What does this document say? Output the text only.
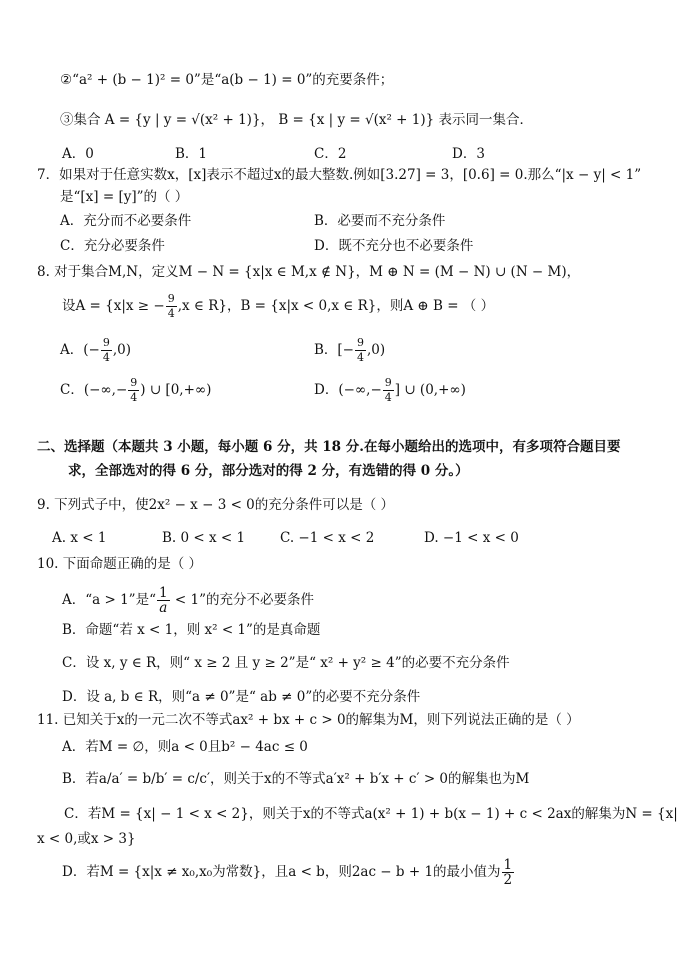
②“a² + (b − 1)² = 0”是“a(b − 1) = 0”的充要条件；
③集合 A = {y | y = √(x² + 1)}， B = {x | y = √(x² + 1)} 表示同一集合．
A．0	B．1	C．2	D．3
7．如果对于任意实数x，[x]表示不超过x的最大整数.例如[3.27] = 3，[0.6] = 0.那么“|x − y| < 1”
是“[x] = [y]”的（ ）
A．充分而不必要条件	B．必要而不充分条件
C．充分必要条件	D．既不充分也不必要条件
8. 对于集合M,N，定义M − N = {x|x ∈ M,x ∉ N}，M ⊕ N = (M − N) ∪ (N − M)，
设A = {x|x ≥ − $\frac{9}{4} ,x$ ∈ R}，B = {x|x < 0,x ∈ R}，则A ⊕ B = （ ）
A．(− $\frac{9}{4} ,0$)	B．[− $\frac{9}{4} ,0$)
C．(−∞,− $\frac{9}{4}$ ) ∪ [0,+∞)	D．(−∞,− $\frac{9}{4}$ ] ∪ (0,+∞)
二、选择题（本题共 3 小题，每小题 6 分，共 18 分.在每小题给出的选项中，有多项符合题目要
求，全部选对的得 6 分，部分选对的得 2 分，有选错的得 0 分。）
9. 下列式子中，使2x² − x − 3 < 0的充分条件可以是（ ）
A. x < 1	B. 0 < x < 1	C. −1 < x < 2	D. −1 < x < 0
10. 下面命题正确的是（ ）
A．“a > 1”是“ $\frac{1}{a} < 1$”的充分不必要条件
B．命题“若 x < 1，则 x² < 1”的是真命题
C．设 x, y ∈ R，则“ x ≥ 2 且 y ≥ 2”是“ x² + y² ≥ 4”的必要不充分条件
D．设 a, b ∈ R，则“a ≠ 0”是“ ab ≠ 0”的必要不充分条件
11. 已知关于x的一元二次不等式ax² + bx + c > 0的解集为M，则下列说法正确的是（ ）
A．若M = ∅，则a < 0且b² − 4ac ≤ 0
B．若a/a′ = b/b′ = c/c′，则关于x的不等式a′x² + b′x + c′ > 0的解集也为M
C．若M = {x| − 1 < x < 2}，则关于x的不等式a(x² + 1) + b(x − 1) + c < 2ax的解集为N = {x|
x < 0,或x > 3}
D．若M = {x|x ≠ x₀,x₀为常数}，且a < b，则2ac − b + 1的最小值为 $\frac{1}{2}$
